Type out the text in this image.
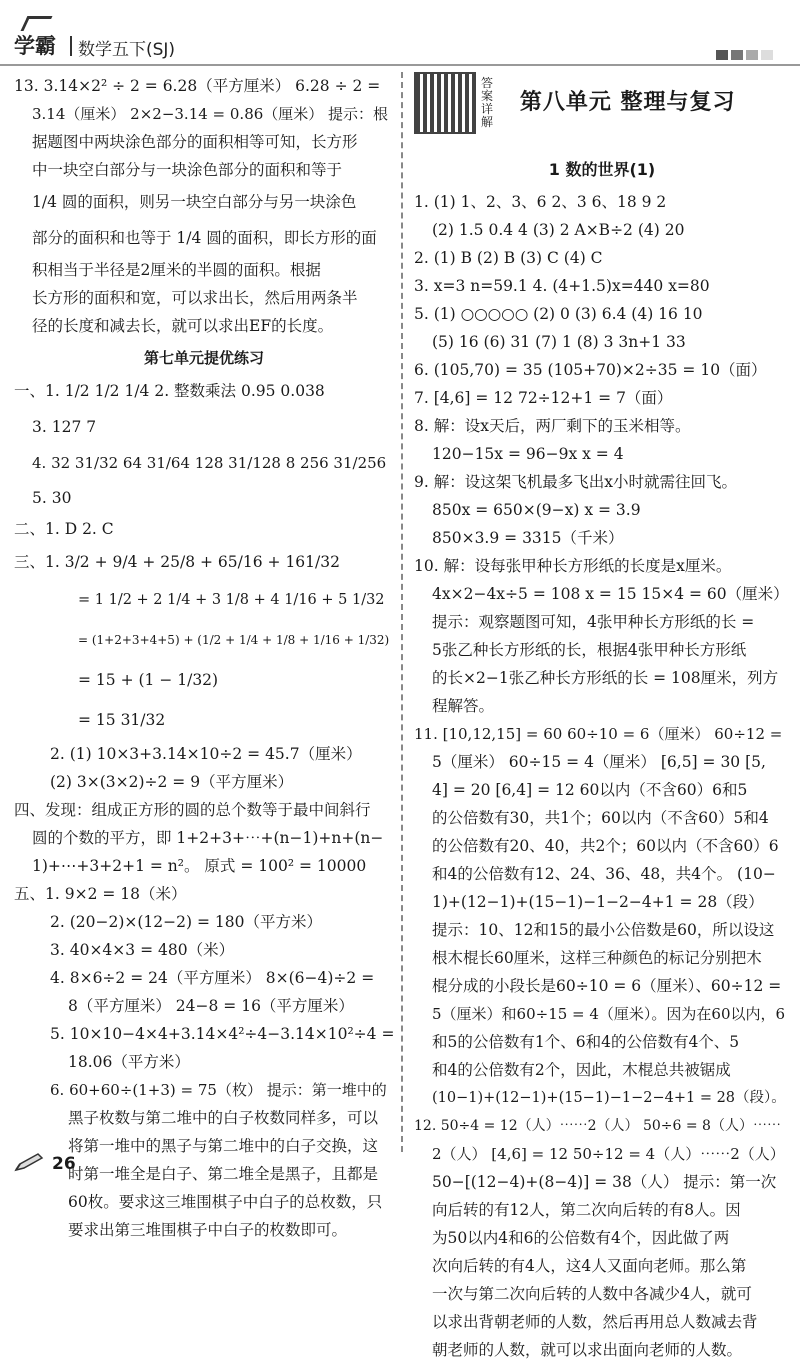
学霸 数学五下(SJ)
13. 3.14×2² ÷ 2 = 6.28（平方厘米） 6.28 ÷ 2 =
3.14（厘米） 2×2−3.14 = 0.86（厘米） 提示：根
据题图中两块涂色部分的面积相等可知，长方形
中一块空白部分与一块涂色部分的面积和等于
1/4 圆的面积，则另一块空白部分与另一块涂色
部分的面积和也等于 1/4 圆的面积，即长方形的面
积相当于半径是2厘米的半圆的面积。根据
长方形的面积和宽，可以求出长，然后用两条半
径的长度和减去长，就可以求出EF的长度。
第七单元提优练习
一、1. 1/2 1/2 1/4 2. 整数乘法 0.95 0.038
3. 127 7
4. 32 31/32 64 31/64 128 31/128 8 256 31/256
5. 30
二、1. D 2. C
三、1. 3/2 + 9/4 + 25/8 + 65/16 + 161/32
= 1 1/2 + 2 1/4 + 3 1/8 + 4 1/16 + 5 1/32
= (1+2+3+4+5) + (1/2 + 1/4 + 1/8 + 1/16 + 1/32)
= 15 + (1 − 1/32)
= 15 31/32
2. (1) 10×3+3.14×10÷2 = 45.7（厘米）
(2) 3×(3×2)÷2 = 9（平方厘米）
四、发现：组成正方形的圆的总个数等于最中间斜行
圆的个数的平方，即 1+2+3+⋯+(n−1)+n+(n−
1)+⋯+3+2+1 = n²。 原式 = 100² = 10000
五、1. 9×2 = 18（米）
2. (20−2)×(12−2) = 180（平方米）
3. 40×4×3 = 480（米）
4. 8×6÷2 = 24（平方厘米） 8×(6−4)÷2 =
8（平方厘米） 24−8 = 16（平方厘米）
5. 10×10−4×4+3.14×4²÷4−3.14×10²÷4 =
18.06（平方米）
6. 60+60÷(1+3) = 75（枚） 提示：第一堆中的
黑子枚数与第二堆中的白子枚数同样多，可以
将第一堆中的黑子与第二堆中的白子交换，这
时第一堆全是白子、第二堆全是黑子，且都是
60枚。要求这三堆围棋子中白子的总枚数，只
要求出第三堆围棋子中白子的枚数即可。
答案详解 第八单元 整理与复习
1 数的世界(1)
1. (1) 1、2、3、6 2、3 6、18 9 2
(2) 1.5 0.4 4 (3) 2 A×B÷2 (4) 20
2. (1) B (2) B (3) C (4) C
3. x=3 n=59.1 4. (4+1.5)x=440 x=80
5. (1) ○○○○○ (2) 0 (3) 6.4 (4) 16 10
(5) 16 (6) 31 (7) 1 (8) 3 3n+1 33
6. (105,70) = 35 (105+70)×2÷35 = 10（面）
7. [4,6] = 12 72÷12+1 = 7（面）
8. 解：设x天后，两厂剩下的玉米相等。
120−15x = 96−9x x = 4
9. 解：设这架飞机最多飞出x小时就需往回飞。
850x = 650×(9−x) x = 3.9
850×3.9 = 3315（千米）
10. 解：设每张甲种长方形纸的长度是x厘米。
4x×2−4x÷5 = 108 x = 15 15×4 = 60（厘米）
提示：观察题图可知，4张甲种长方形纸的长 =
5张乙种长方形纸的长，根据4张甲种长方形纸
的长×2−1张乙种长方形纸的长 = 108厘米，列方
程解答。
11. [10,12,15] = 60 60÷10 = 6（厘米） 60÷12 =
5（厘米） 60÷15 = 4（厘米） [6,5] = 30 [5,
4] = 20 [6,4] = 12 60以内（不含60）6和5
的公倍数有30，共1个；60以内（不含60）5和4
的公倍数有20、40，共2个；60以内（不含60）6
和4的公倍数有12、24、36、48，共4个。 (10−
1)+(12−1)+(15−1)−1−2−4+1 = 28（段）
提示：10、12和15的最小公倍数是60，所以设这
根木棍长60厘米，这样三种颜色的标记分别把木
棍分成的小段长是60÷10 = 6（厘米）、60÷12 =
5（厘米）和60÷15 = 4（厘米）。因为在60以内，6
和5的公倍数有1个、6和4的公倍数有4个、5
和4的公倍数有2个，因此，木棍总共被锯成
(10−1)+(12−1)+(15−1)−1−2−4+1 = 28（段）。
12. 50÷4 = 12（人）⋯⋯2（人） 50÷6 = 8（人）⋯⋯
2（人） [4,6] = 12 50÷12 = 4（人）⋯⋯2（人）
50−[(12−4)+(8−4)] = 38（人） 提示：第一次
向后转的有12人，第二次向后转的有8人。因
为50以内4和6的公倍数有4个，因此做了两
次向后转的有4人，这4人又面向老师。那么第
一次与第二次向后转的人数中各减少4人，就可
以求出背朝老师的人数，然后再用总人数减去背
朝老师的人数，就可以求出面向老师的人数。
26
